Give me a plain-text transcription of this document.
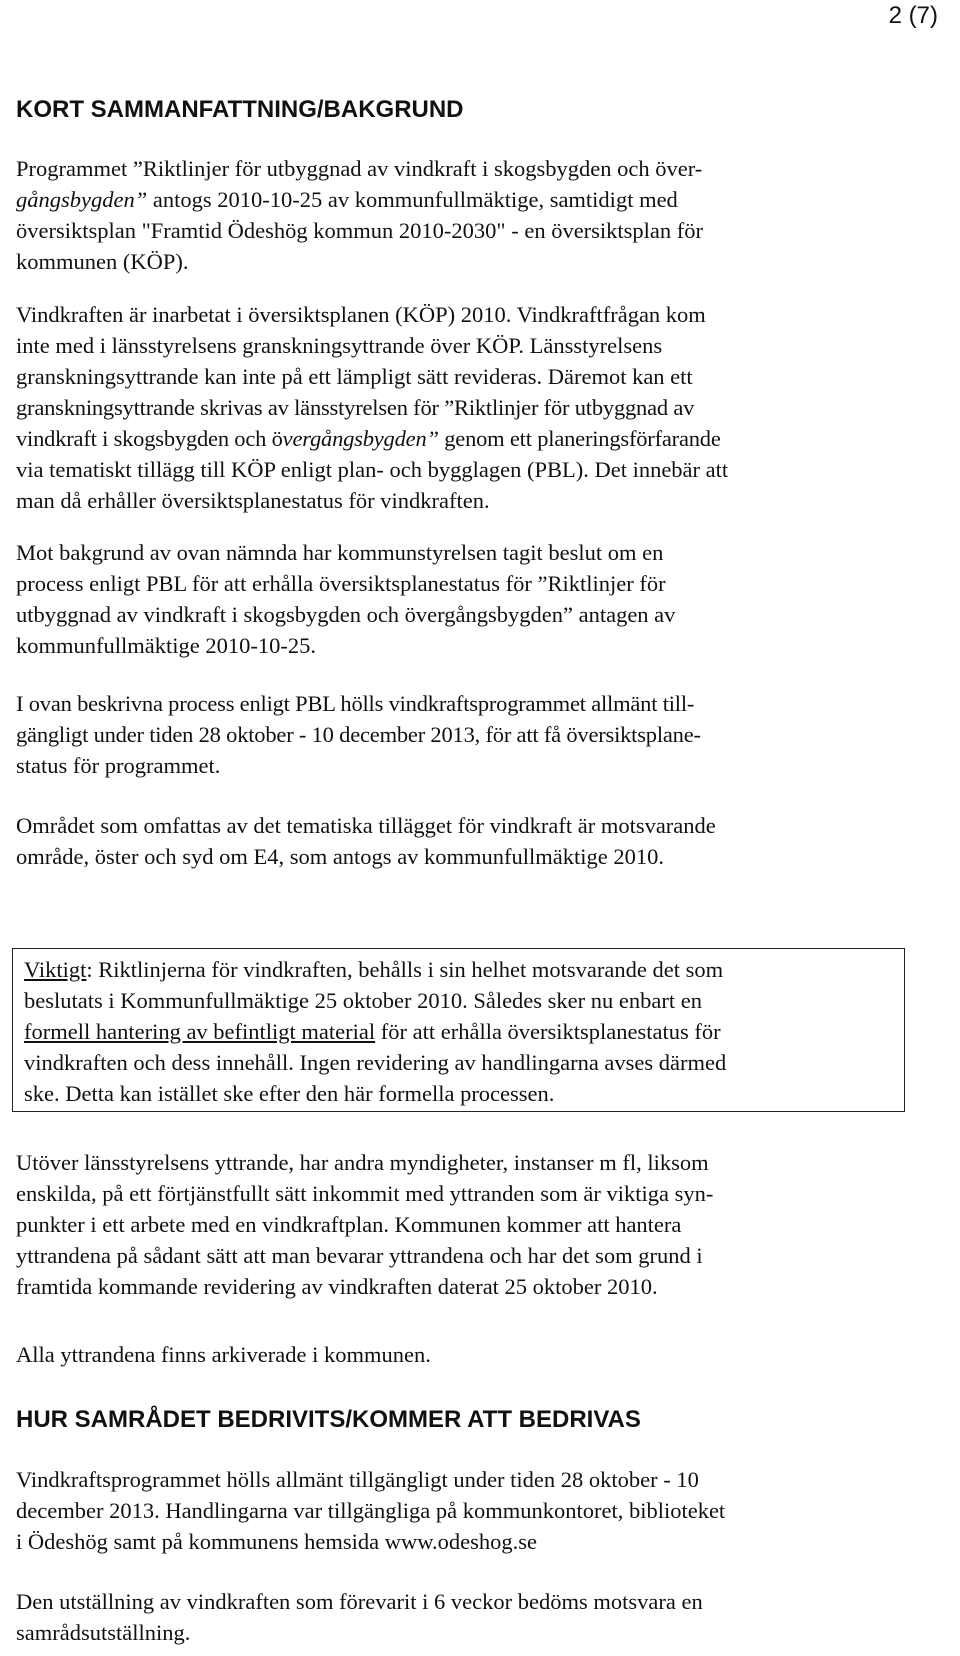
2 (7)
KORT SAMMANFATTNING/BAKGRUND

Programmet ”Riktlinjer för utbyggnad av vindkraft i skogsbygden och över-
gångsbygden” antogs 2010-10-25 av kommunfullmäktige, samtidigt med
översiktsplan "Framtid Ödeshög kommun 2010-2030" - en översiktsplan för
kommunen (KÖP).

Vindkraften är inarbetat i översiktsplanen (KÖP) 2010. Vindkraftfrågan kom
inte med i länsstyrelsens granskningsyttrande över KÖP. Länsstyrelsens
granskningsyttrande kan inte på ett lämpligt sätt revideras. Däremot kan ett
granskningsyttrande skrivas av länsstyrelsen för ”Riktlinjer för utbyggnad av
vindkraft i skogsbygden och övergångsbygden” genom ett planeringsförfarande
via tematiskt tillägg till KÖP enligt plan- och bygglagen (PBL). Det innebär att
man då erhåller översiktsplanestatus för vindkraften.

Mot bakgrund av ovan nämnda har kommunstyrelsen tagit beslut om en
process enligt PBL för att erhålla översiktsplanestatus för ”Riktlinjer för
utbyggnad av vindkraft i skogsbygden och övergångsbygden” antagen av
kommunfullmäktige 2010-10-25.

I ovan beskrivna process enligt PBL hölls vindkraftsprogrammet allmänt till-
gängligt under tiden 28 oktober - 10 december 2013, för att få översiktsplane-
status för programmet.

Området som omfattas av det tematiska tillägget för vindkraft är motsvarande
område, öster och syd om E4, som antogs av kommunfullmäktige 2010.

Viktigt: Riktlinjerna för vindkraften, behålls i sin helhet motsvarande det som
beslutats i Kommunfullmäktige 25 oktober 2010. Således sker nu enbart en
formell hantering av befintligt material för att erhålla översiktsplanestatus för
vindkraften och dess innehåll. Ingen revidering av handlingarna avses därmed
ske. Detta kan istället ske efter den här formella processen.

Utöver länsstyrelsens yttrande, har andra myndigheter, instanser m fl, liksom
enskilda, på ett förtjänstfullt sätt inkommit med yttranden som är viktiga syn-
punkter i ett arbete med en vindkraftplan. Kommunen kommer att hantera
yttrandena på sådant sätt att man bevarar yttrandena och har det som grund i
framtida kommande revidering av vindkraften daterat 25 oktober 2010.

Alla yttrandena finns arkiverade i kommunen.

HUR SAMRÅDET BEDRIVITS/KOMMER ATT BEDRIVAS

Vindkraftsprogrammet hölls allmänt tillgängligt under tiden 28 oktober - 10
december 2013. Handlingarna var tillgängliga på kommunkontoret, biblioteket
i Ödeshög samt på kommunens hemsida www.odeshog.se

Den utställning av vindkraften som förevarit i 6 veckor bedöms motsvara en
samrådsutställning.
